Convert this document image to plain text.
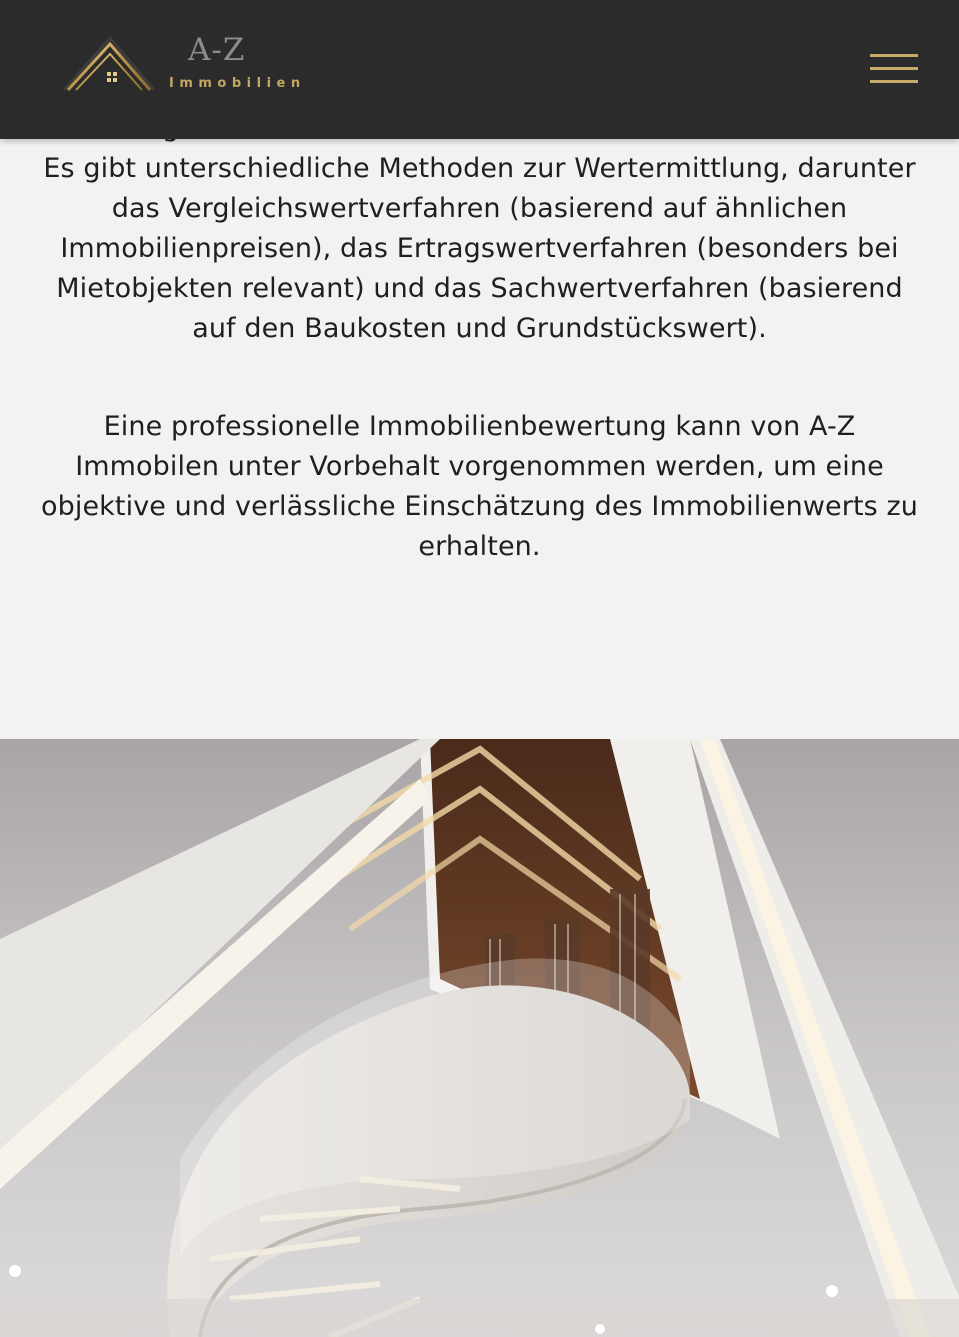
Es gibt unterschiedliche Methoden zur Wertermittlung, darunter das Vergleichswertverfahren (basierend auf ähnlichen Immobilienpreisen), das Ertragswertverfahren (besonders bei Mietobjekten relevant) und das Sachwertverfahren (basierend auf den Baukosten und Grundstückswert).

Eine professionelle Immobilienbewertung kann von A-Z Immobilen unter Vorbehalt vorgenommen werden, um eine objektive und verlässliche Einschätzung des Immobilienwerts zu erhalten.

A-Z
Immobilien
